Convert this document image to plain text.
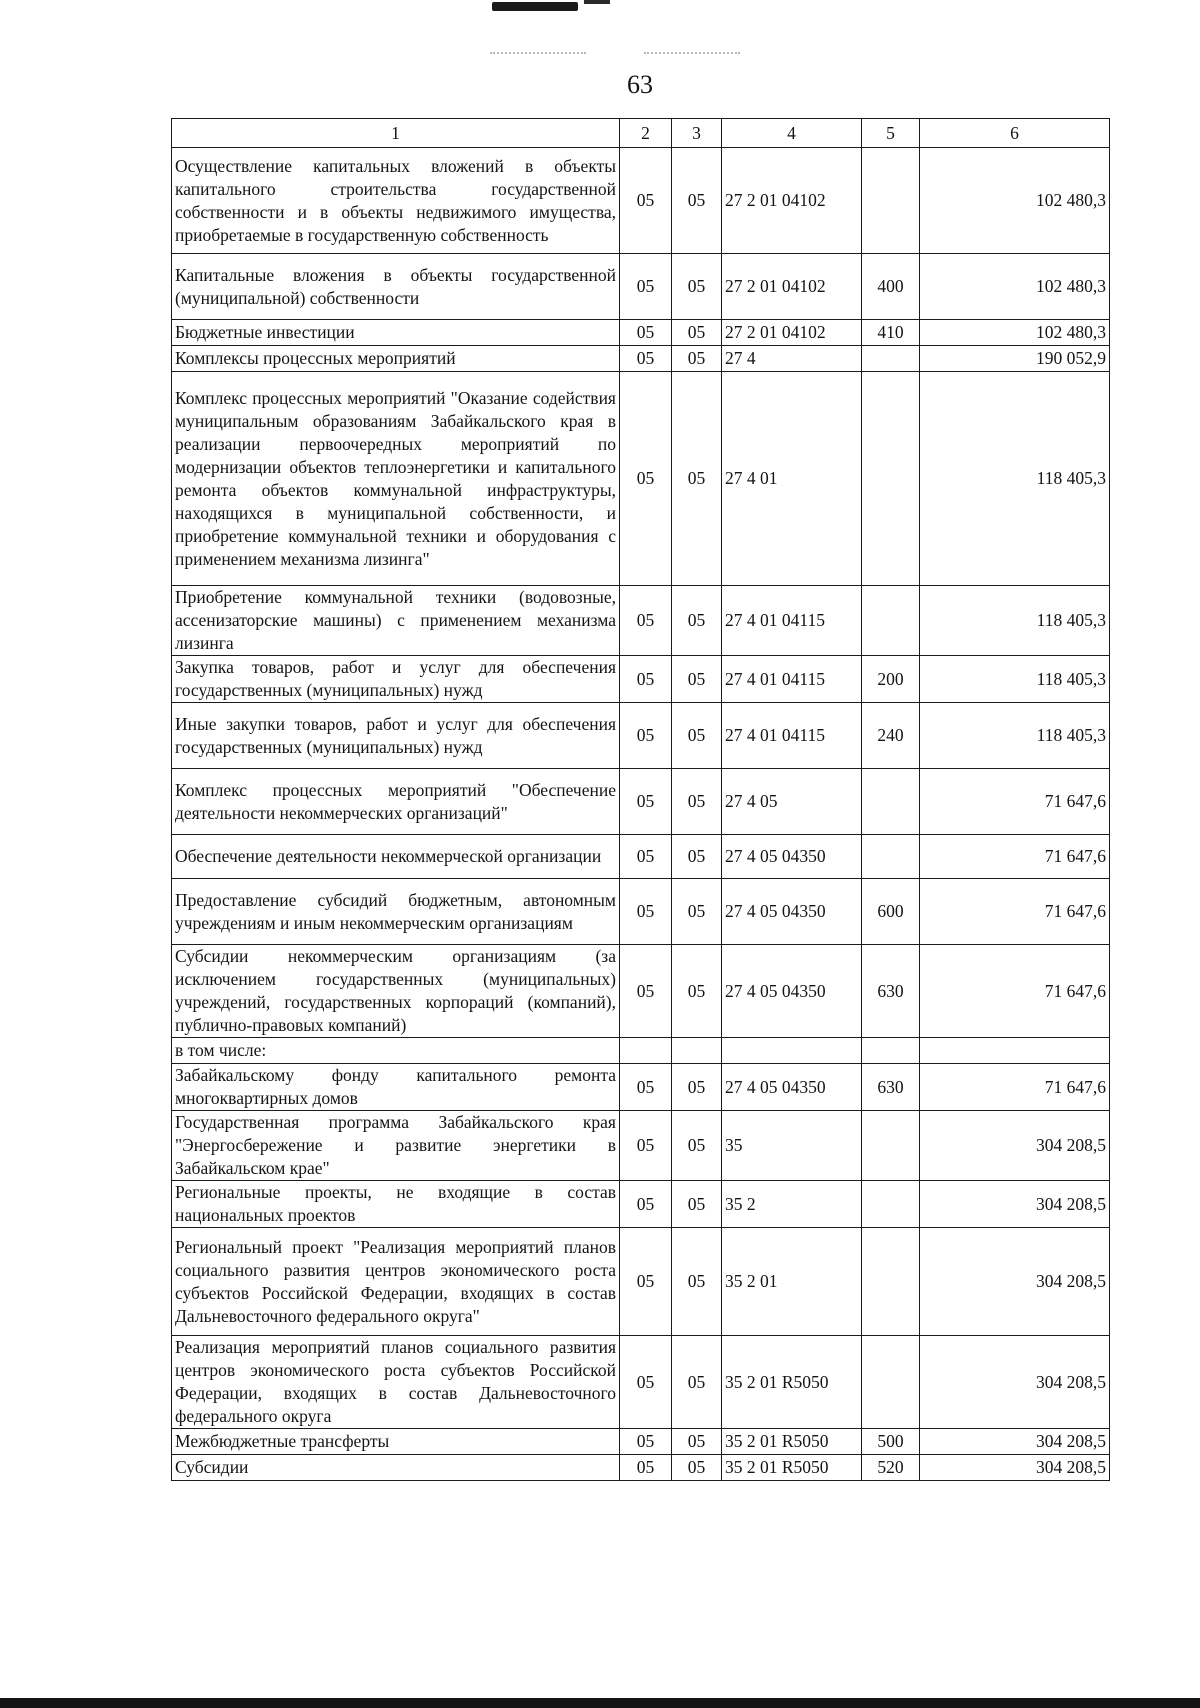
63
1	2	3	4	5	6
Осуществление капитальных вложений в объекты капитального строительства государственной собственности и в объекты недвижимого имущества, приобретаемые в государственную собственность	05	05	27 2 01 04102		102 480,3
Капитальные вложения в объекты государственной (муниципальной) собственности	05	05	27 2 01 04102	400	102 480,3
Бюджетные инвестиции	05	05	27 2 01 04102	410	102 480,3
Комплексы процессных мероприятий	05	05	27 4		190 052,9
Комплекс процессных мероприятий "Оказание содействия муниципальным образованиям Забайкальского края в реализации первоочередных мероприятий по модернизации объектов теплоэнергетики и капитального ремонта объектов коммунальной инфраструктуры, находящихся в муниципальной собственности, и приобретение коммунальной техники и оборудования с применением механизма лизинга"	05	05	27 4 01		118 405,3
Приобретение коммунальной техники (водовозные, ассенизаторские машины) с применением механизма лизинга	05	05	27 4 01 04115		118 405,3
Закупка товаров, работ и услуг для обеспечения государственных (муниципальных) нужд	05	05	27 4 01 04115	200	118 405,3
Иные закупки товаров, работ и услуг для обеспечения государственных (муниципальных) нужд	05	05	27 4 01 04115	240	118 405,3
Комплекс процессных мероприятий "Обеспечение деятельности некоммерческих организаций"	05	05	27 4 05		71 647,6
Обеспечение деятельности некоммерческой организации	05	05	27 4 05 04350		71 647,6
Предоставление субсидий бюджетным, автономным учреждениям и иным некоммерческим организациям	05	05	27 4 05 04350	600	71 647,6
Субсидии некоммерческим организациям (за исключением государственных (муниципальных) учреждений, государственных корпораций (компаний), публично-правовых компаний)	05	05	27 4 05 04350	630	71 647,6
в том числе:					
Забайкальскому фонду капитального ремонта многоквартирных домов	05	05	27 4 05 04350	630	71 647,6
Государственная программа Забайкальского края "Энергосбережение и развитие энергетики в Забайкальском крае"	05	05	35		304 208,5
Региональные проекты, не входящие в состав национальных проектов	05	05	35 2		304 208,5
Региональный проект "Реализация мероприятий планов социального развития центров экономического роста субъектов Российской Федерации, входящих в состав Дальневосточного федерального округа"	05	05	35 2 01		304 208,5
Реализация мероприятий планов социального развития центров экономического роста субъектов Российской Федерации, входящих в состав Дальневосточного федерального округа	05	05	35 2 01 R5050		304 208,5
Межбюджетные трансферты	05	05	35 2 01 R5050	500	304 208,5
Субсидии	05	05	35 2 01 R5050	520	304 208,5
